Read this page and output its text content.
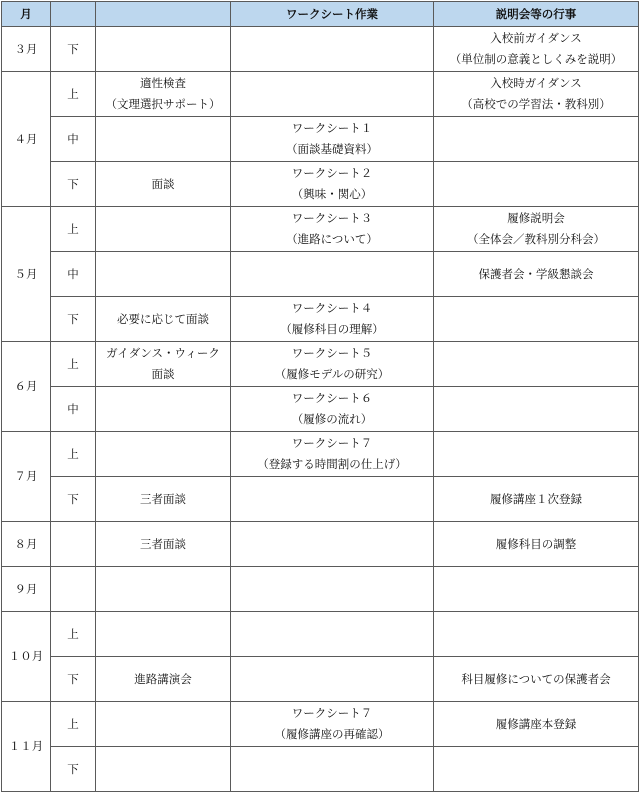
月			ワークシート作業	説明会等の行事
３月	下			入校前ガイダンス
（単位制の意義としくみを説明）

４月	上	適性検査
（文理選択サポート）		入校時ガイダンス
（高校での学習法・教科別）

	中		ワークシート１
（面談基礎資料）	

	下	面談	ワークシート２
（興味・関心）	

５月	上		ワークシート３
（進路について）	履修説明会
（全体会／教科別分科会）

	中			保護者会・学級懇談会

	下	必要に応じて面談	ワークシート４
（履修科目の理解）	

６月	上	ガイダンス・ウィーク
面談	ワークシート５
（履修モデルの研究）	

	中		ワークシート６
（履修の流れ）	

７月	上		ワークシート７
（登録する時間割の仕上げ）	

	下	三者面談		履修講座１次登録

８月		三者面談		履修科目の調整

９月				
１０月	上			
	下	進路講演会		科目履修についての保護者会

１１月	上		ワークシート７
（履修講座の再確認）	履修講座本登録

	下			
